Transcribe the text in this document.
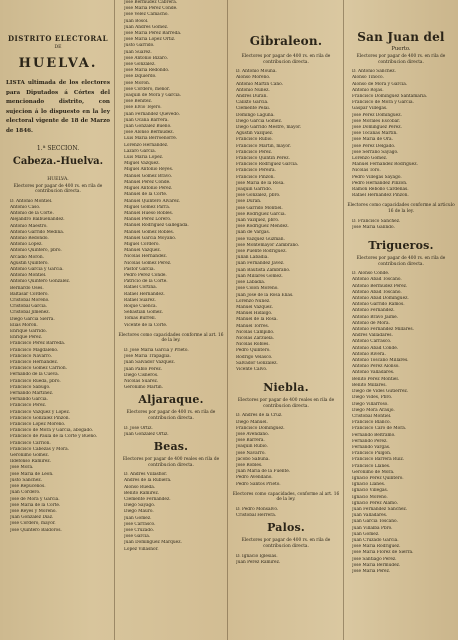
DISTRITO ELECTORAL
DE
HUELVA.
LISTA ultimada de los electores para Diputados á Córtes del mencionado distrito, con sujecion á lo dispuesto en la ley electoral vigente de 18 de Marzo de 1846.
1.ª SECCION.
Cabeza.-Huelva.
HUELVA.
Electores por pagar de 400 rs. en rila de contribucion directa.
D. Antonio Montiel.
Antonio Caso.
Antonio de la Córte.
Alejandro Balbuenandez.
Antonio Maestro.
Antonio Garrido Medina.
Antonio Redondo.
Antonio Lopez.
Antonio Quintero, pbro.
Arcadio Morón.
Agustin Quintero.
Antonio Garcia y Garcia.
Antonio Montiel.
Antonio Quintero Gonzalez.
Bernardo Oses.
Baltasar Cordero.
Cristóbal Moreno.
Cristóbal Garcia.
Cristóbal Jimenez.
Diego Garcia Sierra.
Elias Morón.
Enrique Garrido.
Enrique Perez.
Francisco Perez Barreda.
Francisco Magdaleno.
Francisco Navarro.
Francisco Hernandez.
Francisco Gomez Carrion.
Fernando de la Cueva.
Francisco Rueda, pbro.
Francisco Sabugo.
Fernando Martinez.
Fernando Garcia.
Francisco Perez.
Francisco Vazquez y Lopez.
Francisco Gonzalez Pinzon.
Francisco Lopez Moreno.
Francisco de Mora y Garcia, abogado.
Francisco de Paula de la Córte y Bueno.
Francisco Carrion.
Francisco Cabezas y Mora.
Gerónimo Gomez.
Ildefonso Ramirez.
José Mora.
José Maria de Leon.
Justo Sanchez.
José Repúcenos.
Juan Cordero.
José de Mora y Garcia.
José Maria de la Córte.
José Reyes y Moreno.
Juan Gonzalez Diaz.
José Cordero, mayor.
José Quintero Baldoros.
José Bermudez Cabrera.
José Maria Perez Conde.
José Velez Camacho.
Juan Bosol.
Juan Andres Gomez.
José Maria Perez Barreda.
José Maria Lopez Ortiz.
Justo Garrido.
Juan Suarez.
José Antonio Bizaro.
José Gonzalez.
José Maria Redondo.
José Izquierdo.
José Morón.
José Cordero, menor.
Joaquin de Mora y Garcia.
José Benitez.
José Elvio Tejero.
Juan Fernandez Quevedo.
Juan Ocaña Barrera.
Juan Gonzalez Bueno.
José Alonso Bermudez.
Luis Maria Berroenorre.
Lorenzo Hernandez.
Lázaro Garcia.
Luis Maria Lopez.
Miguel Vazquez.
Miguel Antonio Reyes.
Manuel Gomez Bravo.
Manuel Perez Conde.
Miguel Antonio Perez.
Manuel de la Córte.
Manuel Quintero Alvarez.
Miguel Gomez Parra.
Manuel Hueso Robles.
Manuel Perez Lorero.
Manuel Rodriguez Gallegada.
Manuel Gomez Robles.
Manuel Garcia Moyano.
Miguel Cordero.
Manuel Vazquez.
Nicolás Hernandez.
Nicolás Gomez Perez.
Pastor Garcia.
Pedro Perez Conde.
Patricio de la Córte.
Rafael Cortina.
Rafael Hernandez.
Rafael Suarez.
Roque Cuenca.
Sebastian Gomez.
Tomas Burrell.
Vicente de la Córte.
Electores como capacidades conforme al art. 16 de la ley.
D. José Maria Garcia y Prieto.
José Maria Trapaglia.
Juan Salvador Vazquez.
Juan Pablo Perez.
Diego Cisneros.
Nicolás Suarez.
Gerónimo Martin.
Aljaraque.
Electores por pagar de 400 rs. en rila de contribucion directa.
D. José Ortiz.
Juan Gonzalez Ortiz.
Beas.
Electores por pagar de 400 reales en rila de contribucion directa.
D. Andres Villasfior.
Andres de la Rubiera.
Alonso Rueda.
Benito Ramirez.
Clemente Fernandez.
Diego Sayago.
Diego Mauro.
Juan Gomez.
José Carrasco.
José Cruzado.
José Garcia.
Juan Dominguez Márquez.
López Villasñor.
Gibraleon.
Electores por pagar de 400 rs. en rila de contribucion directa.
D. Antonio Mouna.
Alonso Moreno.
Antonio Martin Cano.
Antonio Nuñez.
Andres Duran.
Calixto Garcia.
Clemente Pelai.
Domingo Laguna.
Diego Garcia Gomez.
Diego Garrido Mestre, mayor.
Agustin Vazquez.
Francisco Rubio.
Francisco Martin, mayor.
Francisco Perez.
Francisco Quintin Perez.
Francisco Rodriguez Garcia.
Francisco Pereira.
Francisco Pinzon.
José Maria de la Rosa.
Joaquin Garrido.
José Gonzalez, pbro.
José Duran.
José Garrido Montiel.
José Rodriguez Garcia.
Juan Vazquez, pbro.
José Rodriguez Mendez.
Juan de Vargas.
José Vazquez Guzman.
José Montemayor Zambrano.
José Puente Rodriguez.
Julian Labadia.
Juan Fernandez Javez.
Juan Bautista Zambrano.
Juan Millares Gomez.
José Labadia.
José Colon Moreno.
Juan José de la Rosa Elias.
Lorenzo Nuñez.
Manuel Vazquez.
Manuel Hidalgo.
Manuel de la Rosa.
Manuel Torres.
Nicolás Campillo.
Nicolás Zarzuela.
Nicolás Robles.
Pedro Quintero.
Rodrigo Velasco.
Salvador Gonzalez.
Vicente Calvo.
Niebla.
Electores por pagar de 400 reales en rila de contribucion directa.
D. Andres de la Cruz.
Diego Manuel.
Francisco Dominguez.
José Avendaño.
José Barrera.
Joaquin Rubio.
José Navarro.
Jacobo Sabuna.
José Robles.
Juan Maria de la Fuente.
Pedro Avendaño.
Pedro Santos Prieto.
Electores como capacidades, conforme al art. 16 de la ley.
D. Pedro Monsalvo.
Cristóbal Herrera.
Palos.
Electores por pagar de 400 rs. en rila de contribucion directa.
D. Ignacio Iglesias.
Juan Perez Ramirez.
San Juan del
Puerto.
Electores por pagar de 400 rs. en rila de contribucion directa.
D. Antonio Sanchez.
Alonso Tinoco.
Alonso de Mora y Garcia.
Antonio Rojas.
Francisco Dominguez Santamaria.
Francisco de Mora y Garcia.
Gaspar Villegas.
José Perez Dominguez.
José Morales Escobar.
José Dominguez Perez.
José Tocanas Martin.
José Maria de Ora.
José Perez Delgado.
José Serrano Sayago.
Lorenzo Gomez.
Manuel Fernandez Rodriguez.
Nicolás Toro.
Pedro Villegas Sayago.
Pedro Hernandez Pinzon.
Ramon Rebollo Cárdenas.
Rafael Hernandez Pinzon.
Electores como capacidades conforme al articulo 16 de la ley.
D. Francisco Sanchez.
José Maria Galindo.
Trigueros.
Electores por pagar de 400 rs. en rila de contribucion directa.
D. Alonso Conde.
Antonio Abad Toscano.
Antonio Bermudez Perez.
Antonio Abad Toscano.
Antonio Abad Dominguez.
Antonio Garrido Ramos.
Antonio Fernandez.
Antonio Bravo Jaime.
Antonio de Mora.
Antonio Fernandez Millares.
Andres Valladares.
Antonio Carrasco.
Antonio Abad Conde.
Antonio Rivera.
Antonio Toscano Millares.
Antonio Perez Alonso.
Antonio Valladares.
Benito Perez Montiel.
Benito Millares.
Diego de Vides Gutierrez.
Diego Vides, Pbro.
Diego Villarroso.
Diego Mora Araujo.
Cristóbal Montiel.
Francisco Blanco.
Francisco Caro de Mora.
Fernando Beltramo.
Fernando Perez.
Fernando Vargas.
Francisco Pulgón.
Francisco Barrera Ruiz.
Francisco Llanes.
Gerónimo de Mora.
Ignacio Perez Quintero.
Ignacio Llanes.
Ignacio Villegas.
Ignacio Moreno.
Ignacio Perez Alamo.
Juan Fernandez Sanchez.
Juan Valladares.
Juan Garcia Toscano.
Juan Villalba Pbro.
Juan Gomez.
Juan Cruzado Garcia.
José Maria Rodriguez.
José Maria Florez de Sierra.
José Santiago Perez.
José Maria Bermudez.
José Maria Perez.
